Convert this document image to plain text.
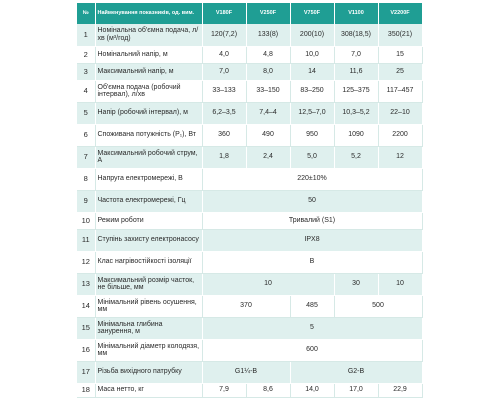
№	Найменування показників, од. вим.	V180F	V250F	V750F	V1100	V2200F
1	Номінальна об'ємна подача, л/хв (м³/год)	120(7,2)	133(8)	200(10)	308(18,5)	350(21)
2	Номінальний напір, м	4,0	4,8	10,0	7,0	15
3	Максимальний напір, м	7,0	8,0	14	11,6	25
4	Об'ємна подача (робочий інтервал), л/хв	33–133	33–150	83–250	125–375	117–457
5	Напір (робочий інтервал), м	6,2–3,5	7,4–4	12,5–7,0	10,3–5,2	22–10
6	Споживана потужність (P₁), Вт	360	490	950	1090	2200
7	Максимальний робочий струм, А	1,8	2,4	5,0	5,2	12
8	Напруга електромережі, В	220±10%				
9	Частота електромережі, Гц	50				
10	Режим роботи	Тривалий (S1)				
11	Ступінь захисту електронасосу	IPX8				
12	Клас нагрівостійкості ізоляції	B				
13	Максимальний розмір часток, не більше, мм	10			30	10
14	Мінімальний рівень осушення, мм	370		485	500	
15	Мінімальна глибина занурення, м	5				
16	Мінімальний діаметр колодязя, мм	600				
17	Різьба вихідного патрубку	G1¼-B		G2-B		
18	Маса нетто, кг	7,9	8,6	14,0	17,0	22,9
